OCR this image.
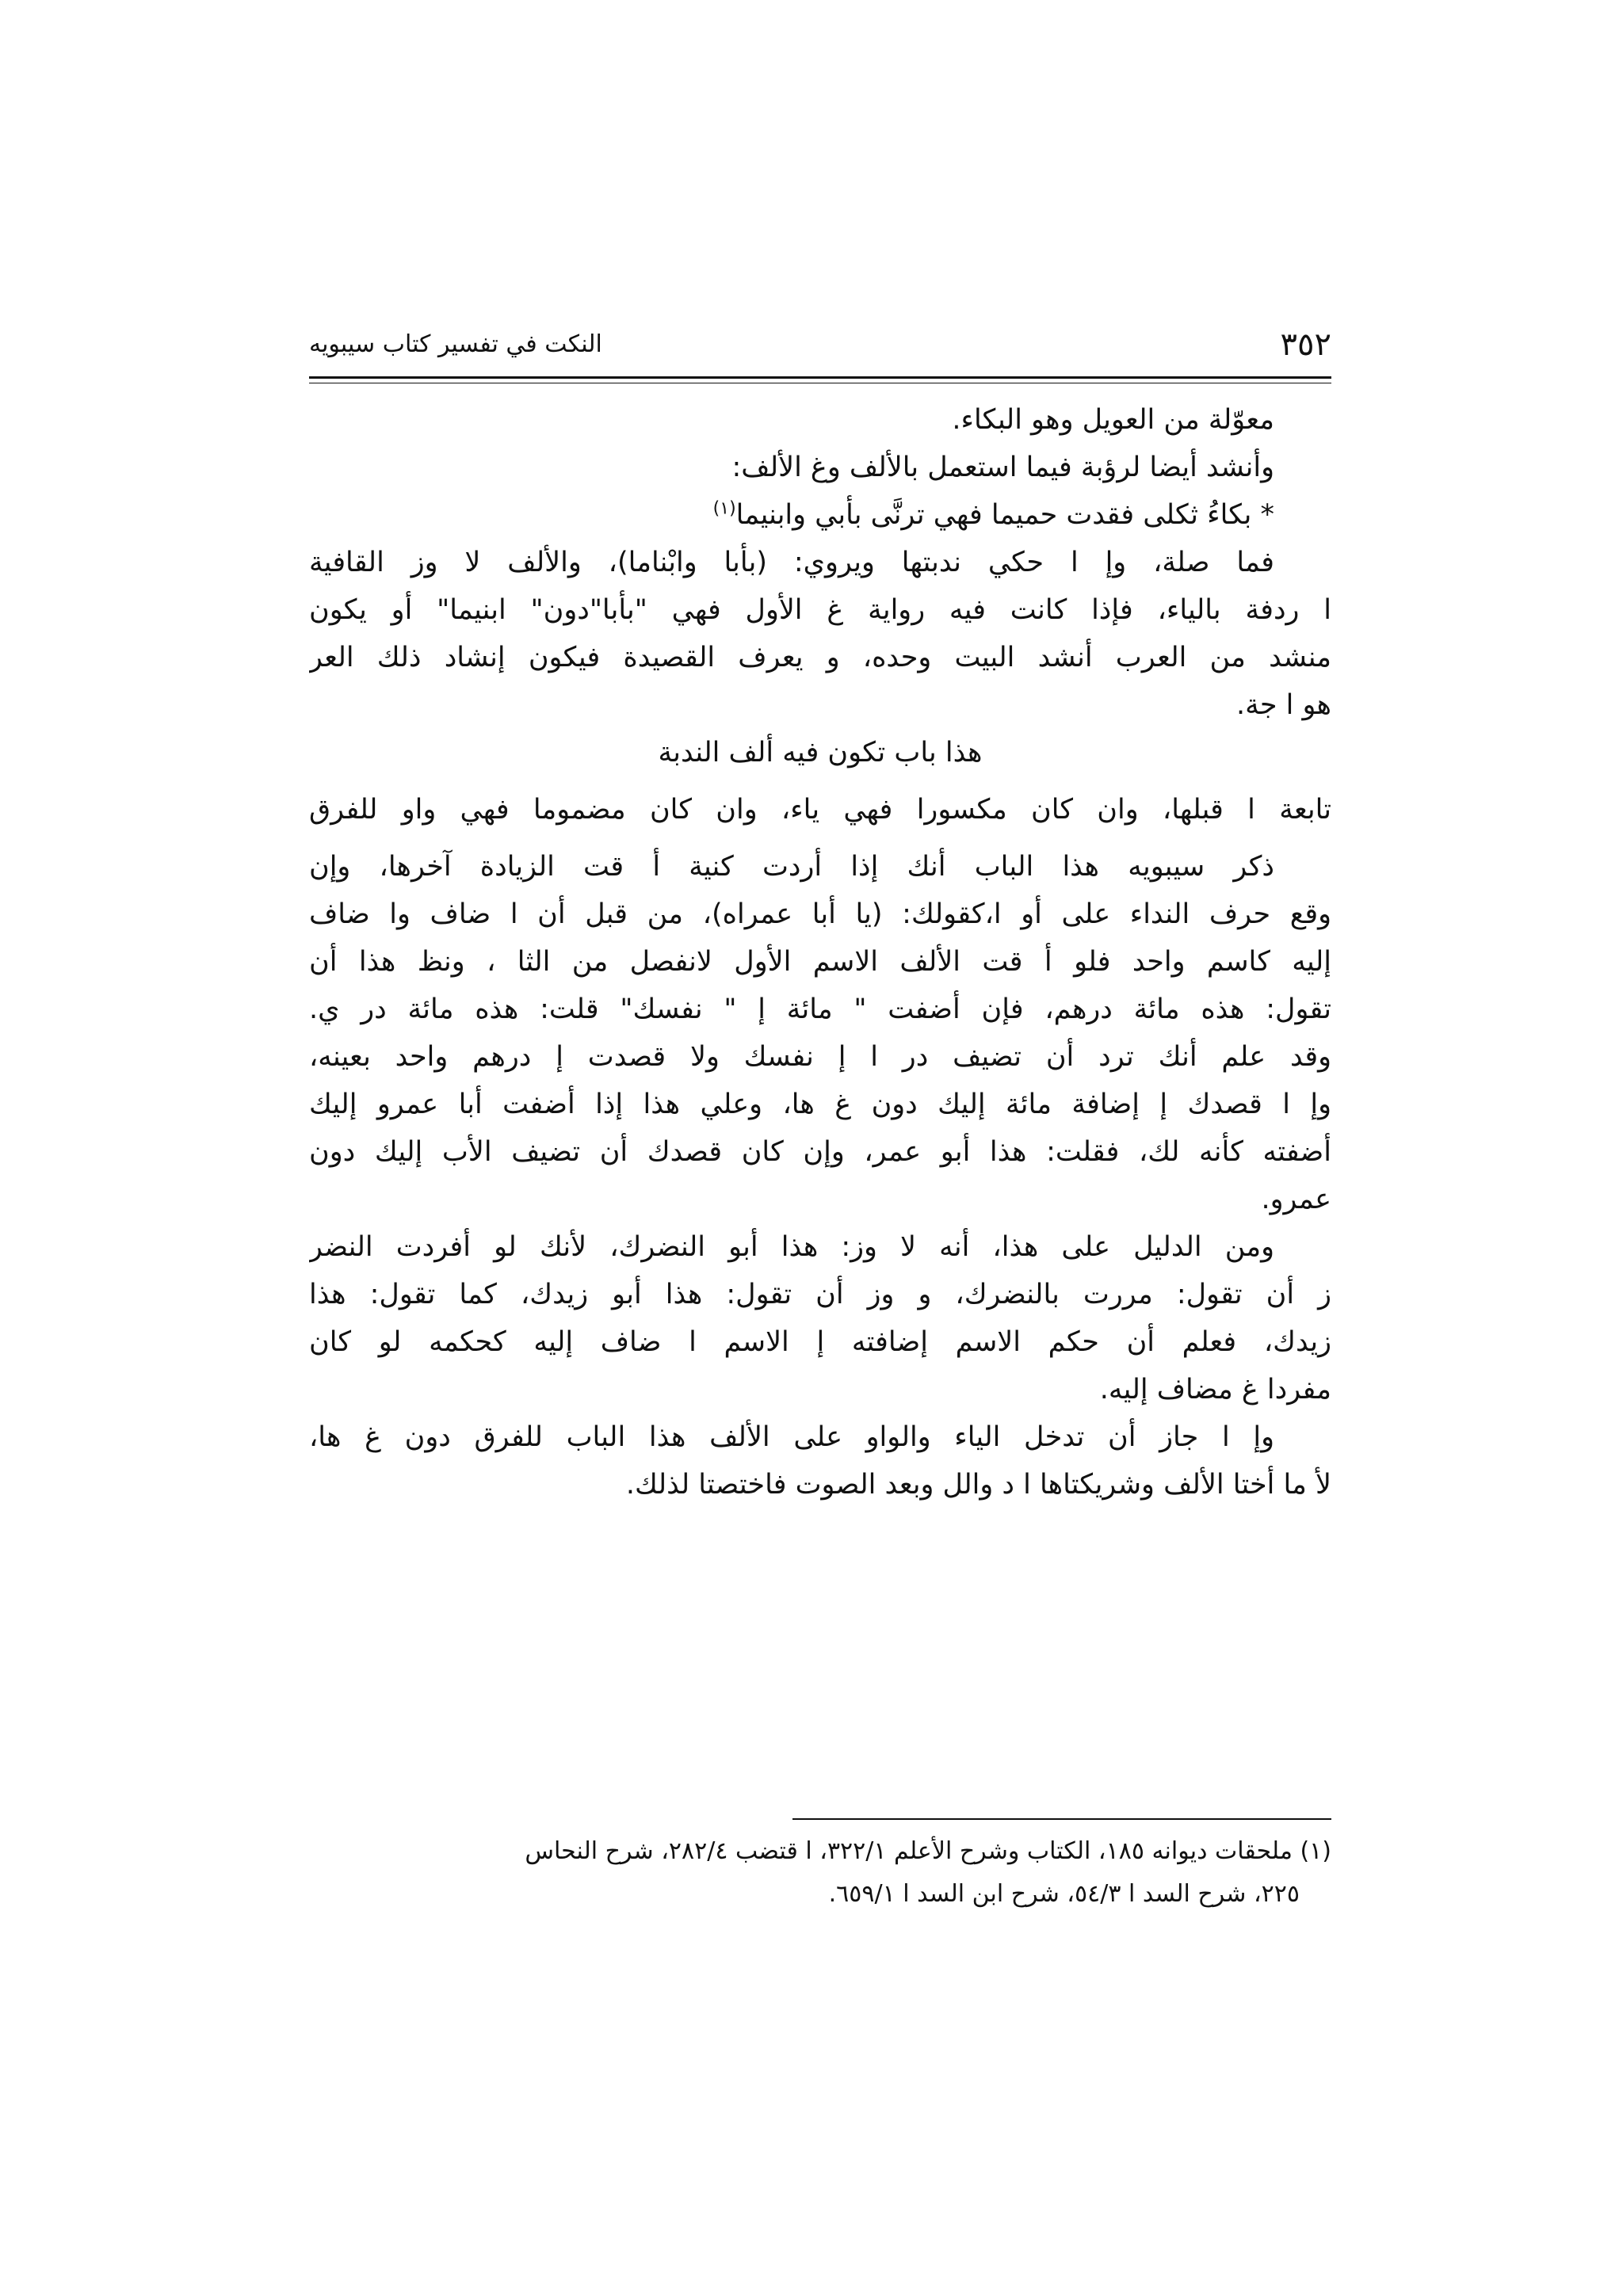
٣٥٢
النكت في تفسير كتاب سيبويه
معوّلة من العويل وهو البكاء.
وأنشد أيضا لرؤبة فيما استعمل بالألف وغ الألف:
* بكاءُ ثكلى فقدت حميما فهي ترنَّى بأبي وابنيما$^{(١)}$
فما صلة، وإ ا حكي ندبتها ويروي: (بأبا وابْناما)، والألف لا وز القافية
ا ردفة بالياء، فإذا كانت فيه رواية غ الأول فهي "بأبا"دون" ابنيما" أو يكون
منشد من العرب أنشد البيت وحده، و يعرف القصيدة فيكون إنشاد ذلك العر
هو ا جة.
هذا باب تكون فيه ألف الندبة
تابعة ا قبلها، وان كان مكسورا فهي ياء، وان كان مضموما فهي واو للفرق
ذكر سيبويه هذا الباب أنك إذا أردت كنية أ قت الزيادة آخرها، وإن
وقع حرف النداء على أو ا،كقولك: (يا أبا عمراه)، من قبل أن ا ضاف وا ضاف
إليه كاسم واحد فلو أ قت الألف الاسم الأول لانفصل من الثا ، ونظ هذا أن
تقول: هذه مائة درهم، فإن أضفت " مائة إ " نفسك" قلت: هذه مائة در ي.
وقد علم أنك ترد أن تضيف در ا إ نفسك ولا قصدت إ درهم واحد بعينه،
وإ ا قصدك إ إضافة مائة إليك دون غ ها، وعلي هذا إذا أضفت أبا عمرو إليك
أضفته كأنه لك، فقلت: هذا أبو عمر، وإن كان قصدك أن تضيف الأب إليك دون
عمرو.
ومن الدليل على هذا، أنه لا وز: هذا أبو النضرك، لأنك لو أفردت النضر
ز أن تقول: مررت بالنضرك، و وز أن تقول: هذا أبو زيدك، كما تقول: هذا
زيدك، فعلم أن حكم الاسم إضافته إ الاسم ا ضاف إليه كحكمه لو كان
مفردا غ مضاف إليه.
وإ ا جاز أن تدخل الياء والواو على الألف هذا الباب للفرق دون غ ها،
لأ ما أختا الألف وشريكتاها ا د والل وبعد الصوت فاختصتا لذلك.
(١) ملحقات ديوانه ١٨٥، الكتاب وشرح الأعلم ٣٢٢/١، ا قتضب ٢٨٢/٤، شرح النحاس
٢٢٥، شرح السد ا ٥٤/٣، شرح ابن السد ا ٦٥٩/١.
